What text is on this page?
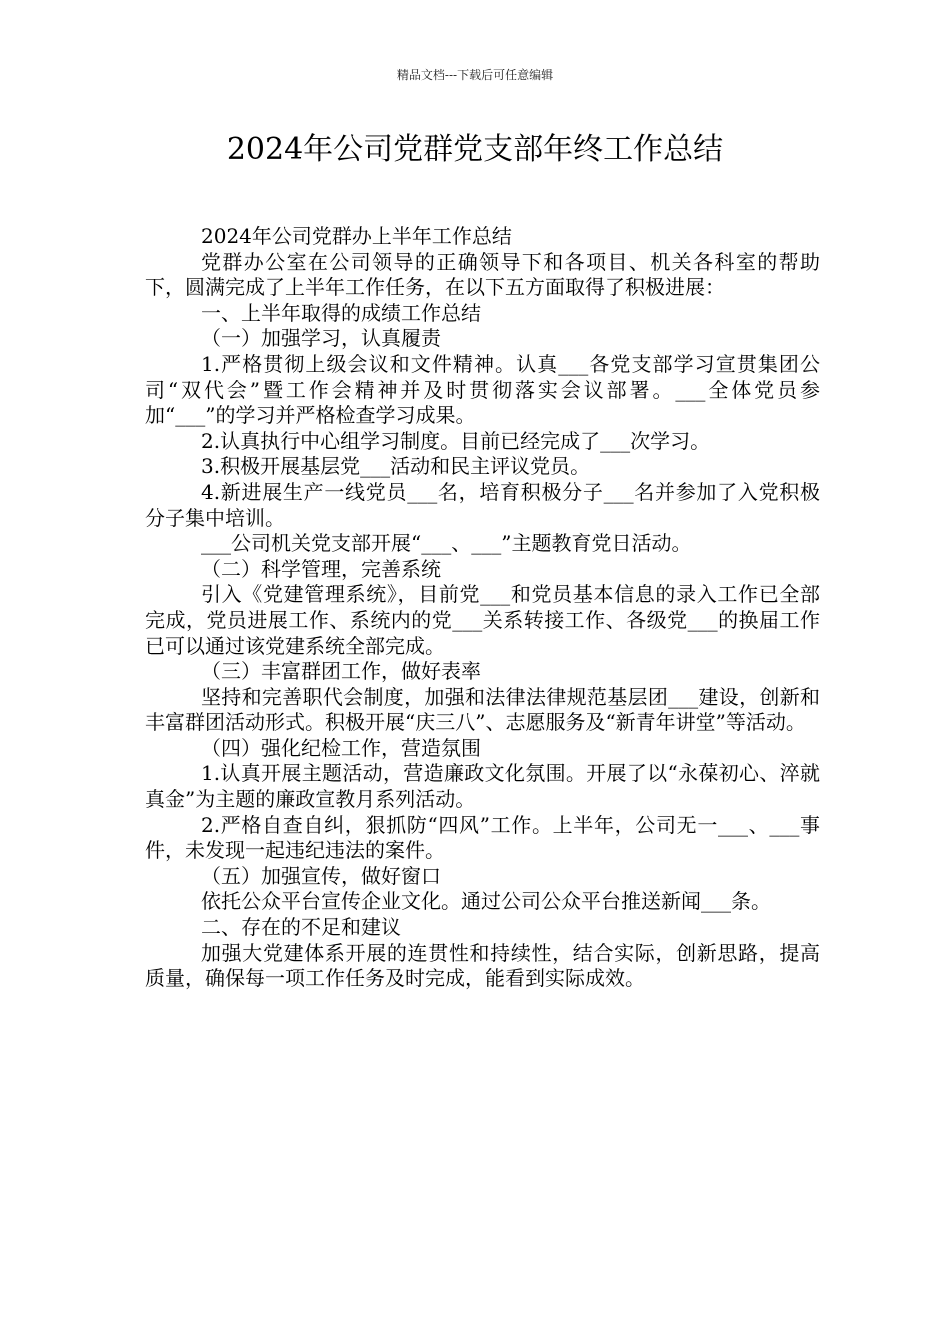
精品文档---下载后可任意编辑
2024年公司党群党支部年终工作总结

2024年公司党群办上半年工作总结

党群办公室在公司领导的正确领导下和各项目、机关各科室的帮助下，圆满完成了上半年工作任务，在以下五方面取得了积极进展：

一、上半年取得的成绩工作总结

（一）加强学习，认真履责

1.严格贯彻上级会议和文件精神。认真___各党支部学习宣贯集团公司“双代会”暨工作会精神并及时贯彻落实会议部署。___全体党员参加“___”的学习并严格检查学习成果。

2.认真执行中心组学习制度。目前已经完成了___次学习。

3.积极开展基层党___活动和民主评议党员。

4.新进展生产一线党员___名，培育积极分子___名并参加了入党积极分子集中培训。

___公司机关党支部开展“___、___”主题教育党日活动。

（二）科学管理，完善系统

引入《党建管理系统》，目前党___和党员基本信息的录入工作已全部完成，党员进展工作、系统内的党___关系转接工作、各级党___的换届工作已可以通过该党建系统全部完成。

（三）丰富群团工作，做好表率

坚持和完善职代会制度，加强和法律法律规范基层团___建设，创新和丰富群团活动形式。积极开展“庆三八”、志愿服务及“新青年讲堂”等活动。

（四）强化纪检工作，营造氛围

1.认真开展主题活动，营造廉政文化氛围。开展了以“永葆初心、淬就真金”为主题的廉政宣教月系列活动。

2.严格自查自纠，狠抓防“四风”工作。上半年，公司无一___、___事件，未发现一起违纪违法的案件。

（五）加强宣传，做好窗口

依托公众平台宣传企业文化。通过公司公众平台推送新闻___条。

二、存在的不足和建议

加强大党建体系开展的连贯性和持续性，结合实际，创新思路，提高质量，确保每一项工作任务及时完成，能看到实际成效。
